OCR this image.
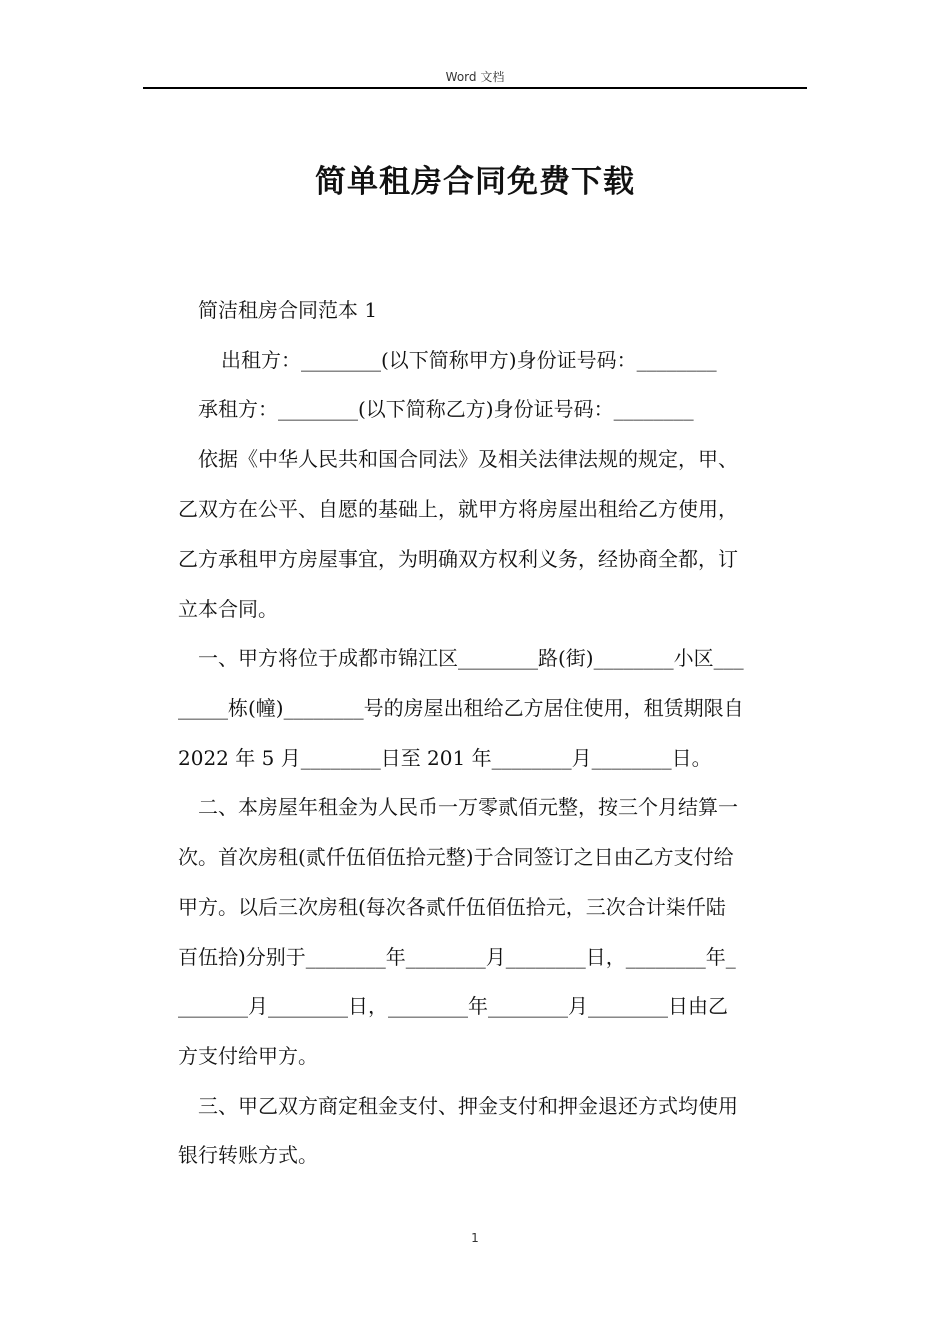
Word 文档
简单租房合同免费下载
简洁租房合同范本 1
出租方：________(以下简称甲方)身份证号码：________
承租方：________(以下简称乙方)身份证号码：________
依据《中华人民共和国合同法》及相关法律法规的规定，甲、
乙双方在公平、自愿的基础上，就甲方将房屋出租给乙方使用，
乙方承租甲方房屋事宜，为明确双方权利义务，经协商全都，订
立本合同。
一、甲方将位于成都市锦江区________路(街)________小区___
_____栋(幢)________号的房屋出租给乙方居住使用，租赁期限自
2022 年 5 月________日至 201 年________月________日。
二、本房屋年租金为人民币一万零贰佰元整，按三个月结算一
次。首次房租(贰仟伍佰伍拾元整)于合同签订之日由乙方支付给
甲方。以后三次房租(每次各贰仟伍佰伍拾元，三次合计柒仟陆
百伍拾)分别于________年________月________日，________年_
_______月________日，________年________月________日由乙
方支付给甲方。
三、甲乙双方商定租金支付、押金支付和押金退还方式均使用
银行转账方式。
1
